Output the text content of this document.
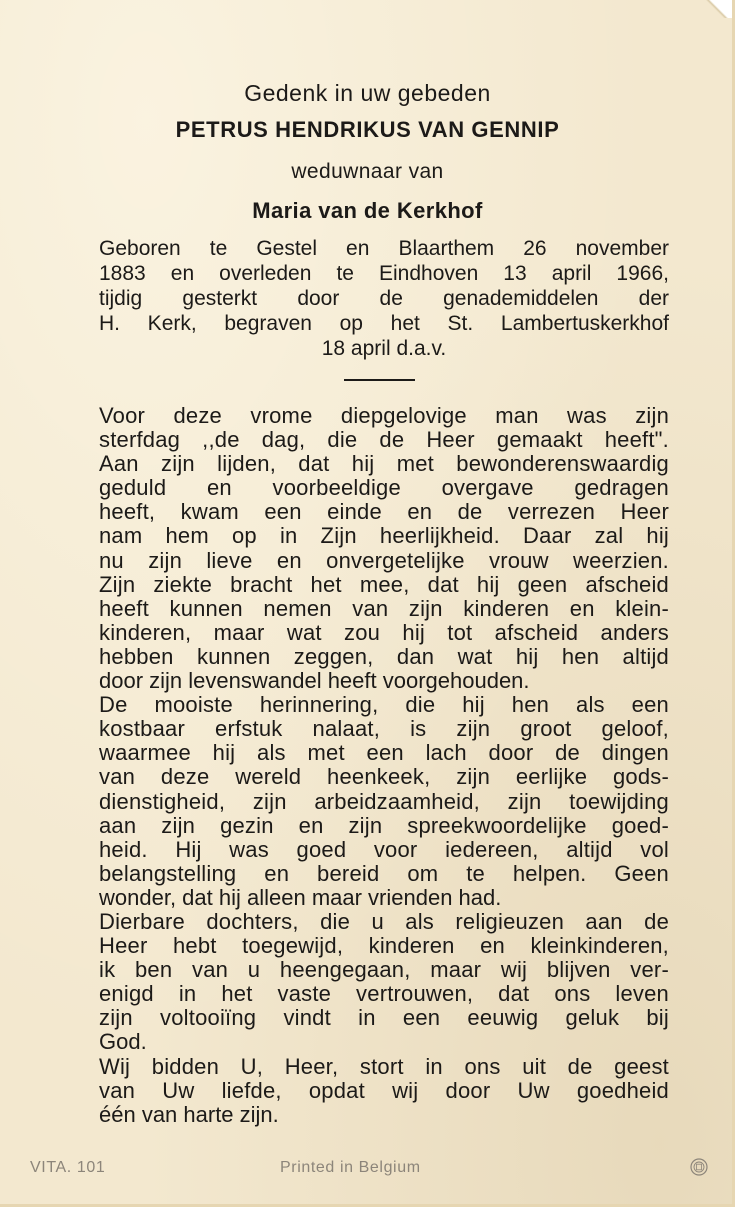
Gedenk in uw gebeden
PETRUS HENDRIKUS VAN GENNIP
weduwnaar van
Maria van de Kerkhof
Geboren te Gestel en Blaarthem 26 november
1883 en overleden te Eindhoven 13 april 1966,
tijdig gesterkt door de genademiddelen der
H. Kerk, begraven op het St. Lambertuskerkhof
18 april d.a.v.
Voor deze vrome diepgelovige man was zijn
sterfdag ,,de dag, die de Heer gemaakt heeft".
Aan zijn lijden, dat hij met bewonderenswaardig
geduld en voorbeeldige overgave gedragen
heeft, kwam een einde en de verrezen Heer
nam hem op in Zijn heerlijkheid. Daar zal hij
nu zijn lieve en onvergetelijke vrouw weerzien.
Zijn ziekte bracht het mee, dat hij geen afscheid
heeft kunnen nemen van zijn kinderen en klein-
kinderen, maar wat zou hij tot afscheid anders
hebben kunnen zeggen, dan wat hij hen altijd
door zijn levenswandel heeft voorgehouden.
De mooiste herinnering, die hij hen als een
kostbaar erfstuk nalaat, is zijn groot geloof,
waarmee hij als met een lach door de dingen
van deze wereld heenkeek, zijn eerlijke gods-
dienstigheid, zijn arbeidzaamheid, zijn toewijding
aan zijn gezin en zijn spreekwoordelijke goed-
heid. Hij was goed voor iedereen, altijd vol
belangstelling en bereid om te helpen. Geen
wonder, dat hij alleen maar vrienden had.
Dierbare dochters, die u als religieuzen aan de
Heer hebt toegewijd, kinderen en kleinkinderen,
ik ben van u heengegaan, maar wij blijven ver-
enigd in het vaste vertrouwen, dat ons leven
zijn voltooiïng vindt in een eeuwig geluk bij
God.
Wij bidden U, Heer, stort in ons uit de geest
van Uw liefde, opdat wij door Uw goedheid
één van harte zijn.
VITA. 101	Printed in Belgium
